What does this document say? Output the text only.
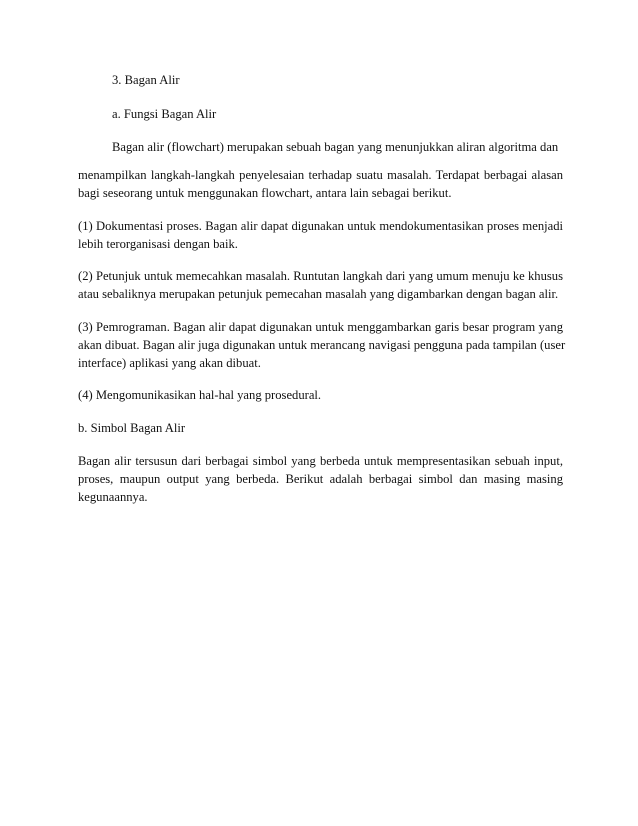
3. Bagan Alir

a. Fungsi Bagan Alir

Bagan alir (flowchart) merupakan sebuah bagan yang menunjukkan aliran algoritma dan

menampilkan langkah-langkah penyelesaian terhadap suatu masalah. Terdapat berbagai alasan

bagi seseorang untuk menggunakan flowchart, antara lain sebagai berikut.

(1) Dokumentasi proses. Bagan alir dapat digunakan untuk mendokumentasikan proses menjadi

lebih terorganisasi dengan baik.

(2) Petunjuk untuk memecahkan masalah. Runtutan langkah dari yang umum menuju ke khusus

atau sebaliknya merupakan petunjuk pemecahan masalah yang digambarkan dengan bagan alir.

(3) Pemrograman. Bagan alir dapat digunakan untuk menggambarkan garis besar program yang

akan dibuat. Bagan alir juga digunakan untuk merancang navigasi pengguna pada tampilan (user

interface) aplikasi yang akan dibuat.

(4) Mengomunikasikan hal-hal yang prosedural.

b. Simbol Bagan Alir

Bagan alir tersusun dari berbagai simbol yang berbeda untuk mempresentasikan sebuah input,

proses, maupun output yang berbeda. Berikut adalah berbagai simbol dan masing masing

kegunaannya.
